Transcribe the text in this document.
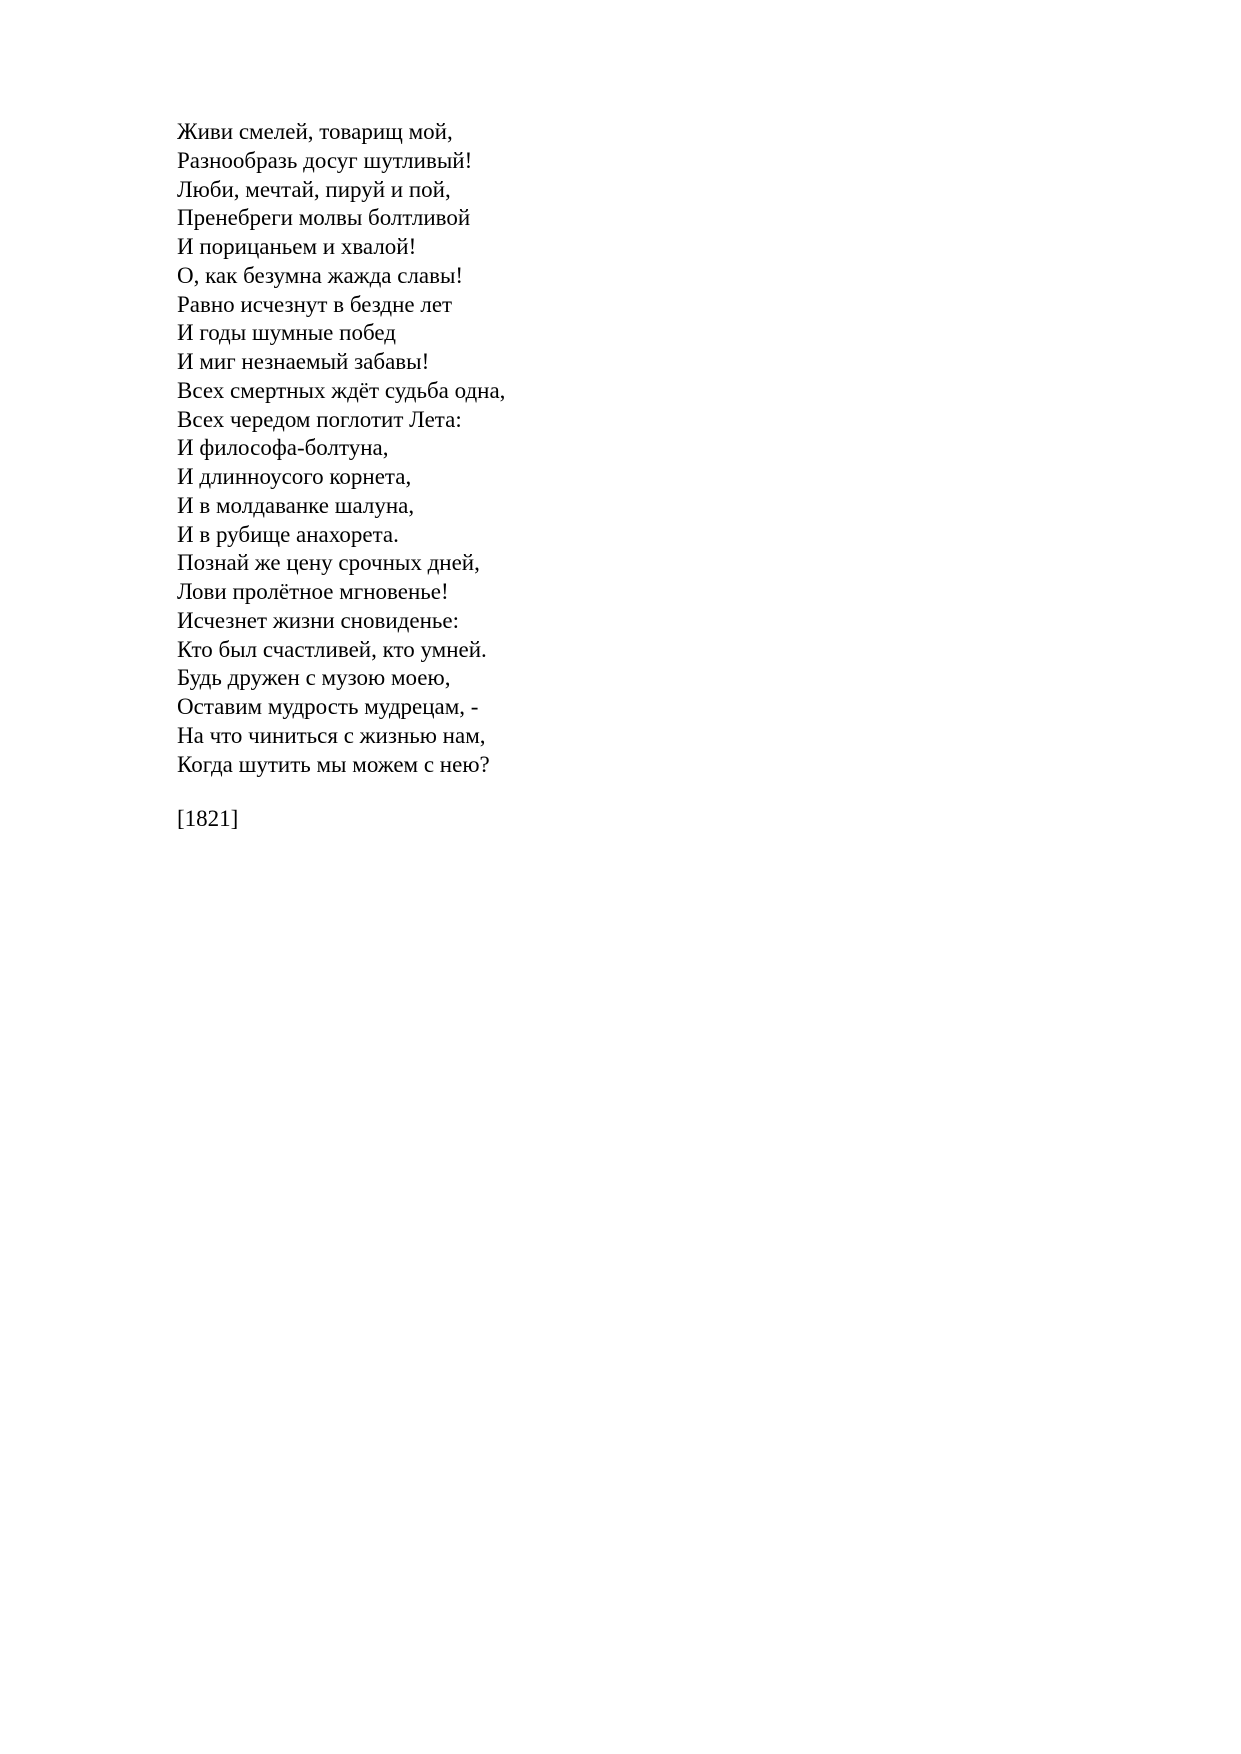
Живи смелей, товарищ мой,
Разнообразь досуг шутливый!
Люби, мечтай, пируй и пой,
Пренебреги молвы болтливой
И порицаньем и хвалой!
О, как безумна жажда славы!
Равно исчезнут в бездне лет
И годы шумные побед
И миг незнаемый забавы!
Всех смертных ждёт судьба одна,
Всех чередом поглотит Лета:
И философа-болтуна,
И длинноусого корнета,
И в молдаванке шалуна,
И в рубище анахорета.
Познай же цену срочных дней,
Лови пролётное мгновенье!
Исчезнет жизни сновиденье:
Кто был счастливей, кто умней.
Будь дружен с музою моею,
Оставим мудрость мудрецам, -
На что чиниться с жизнью нам,
Когда шутить мы можем с нею?
[1821]
